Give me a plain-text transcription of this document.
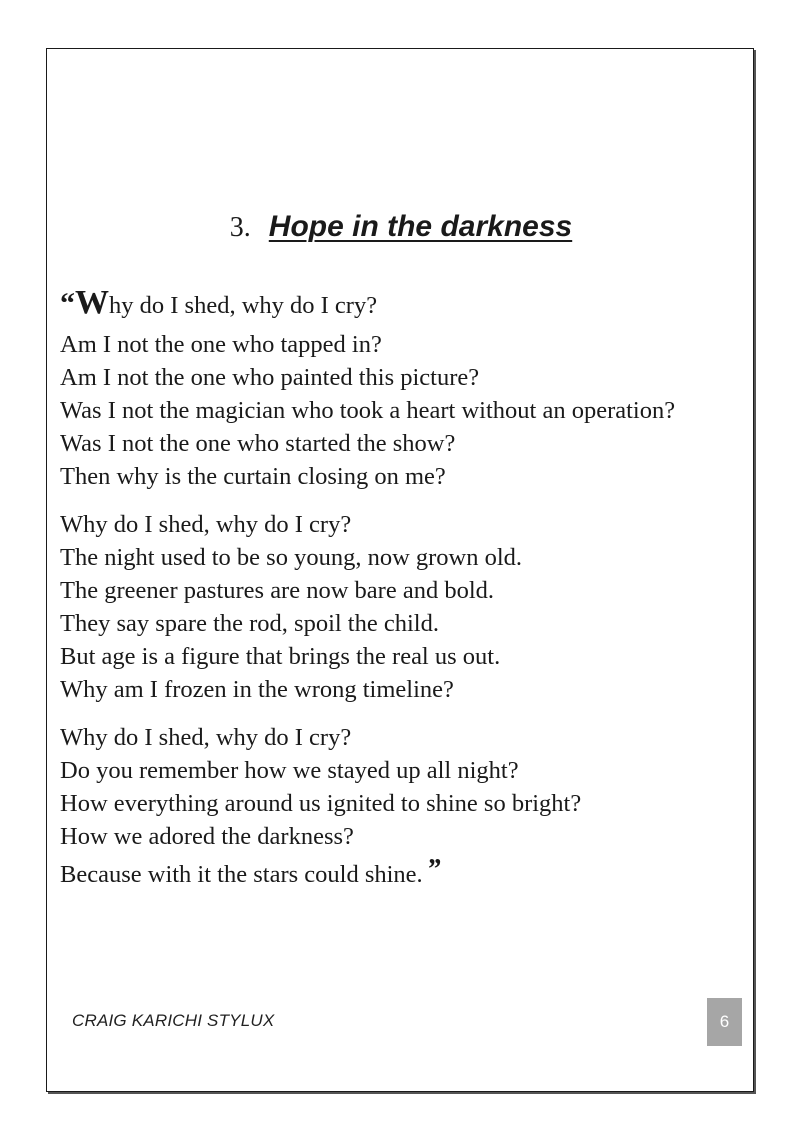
3. Hope in the darkness
“Why do I shed, why do I cry?
Am I not the one who tapped in?
Am I not the one who painted this picture?
Was I not the magician who took a heart without an operation?
Was I not the one who started the show?
Then why is the curtain closing on me?
Why do I shed, why do I cry?
The night used to be so young, now grown old.
The greener pastures are now bare and bold.
They say spare the rod, spoil the child.
But age is a figure that brings the real us out.
Why am I frozen in the wrong timeline?
Why do I shed, why do I cry?
Do you remember how we stayed up all night?
How everything around us ignited to shine so bright?
How we adored the darkness?
Because with it the stars could shine. ”
CRAIG KARICHI STYLUX	6
